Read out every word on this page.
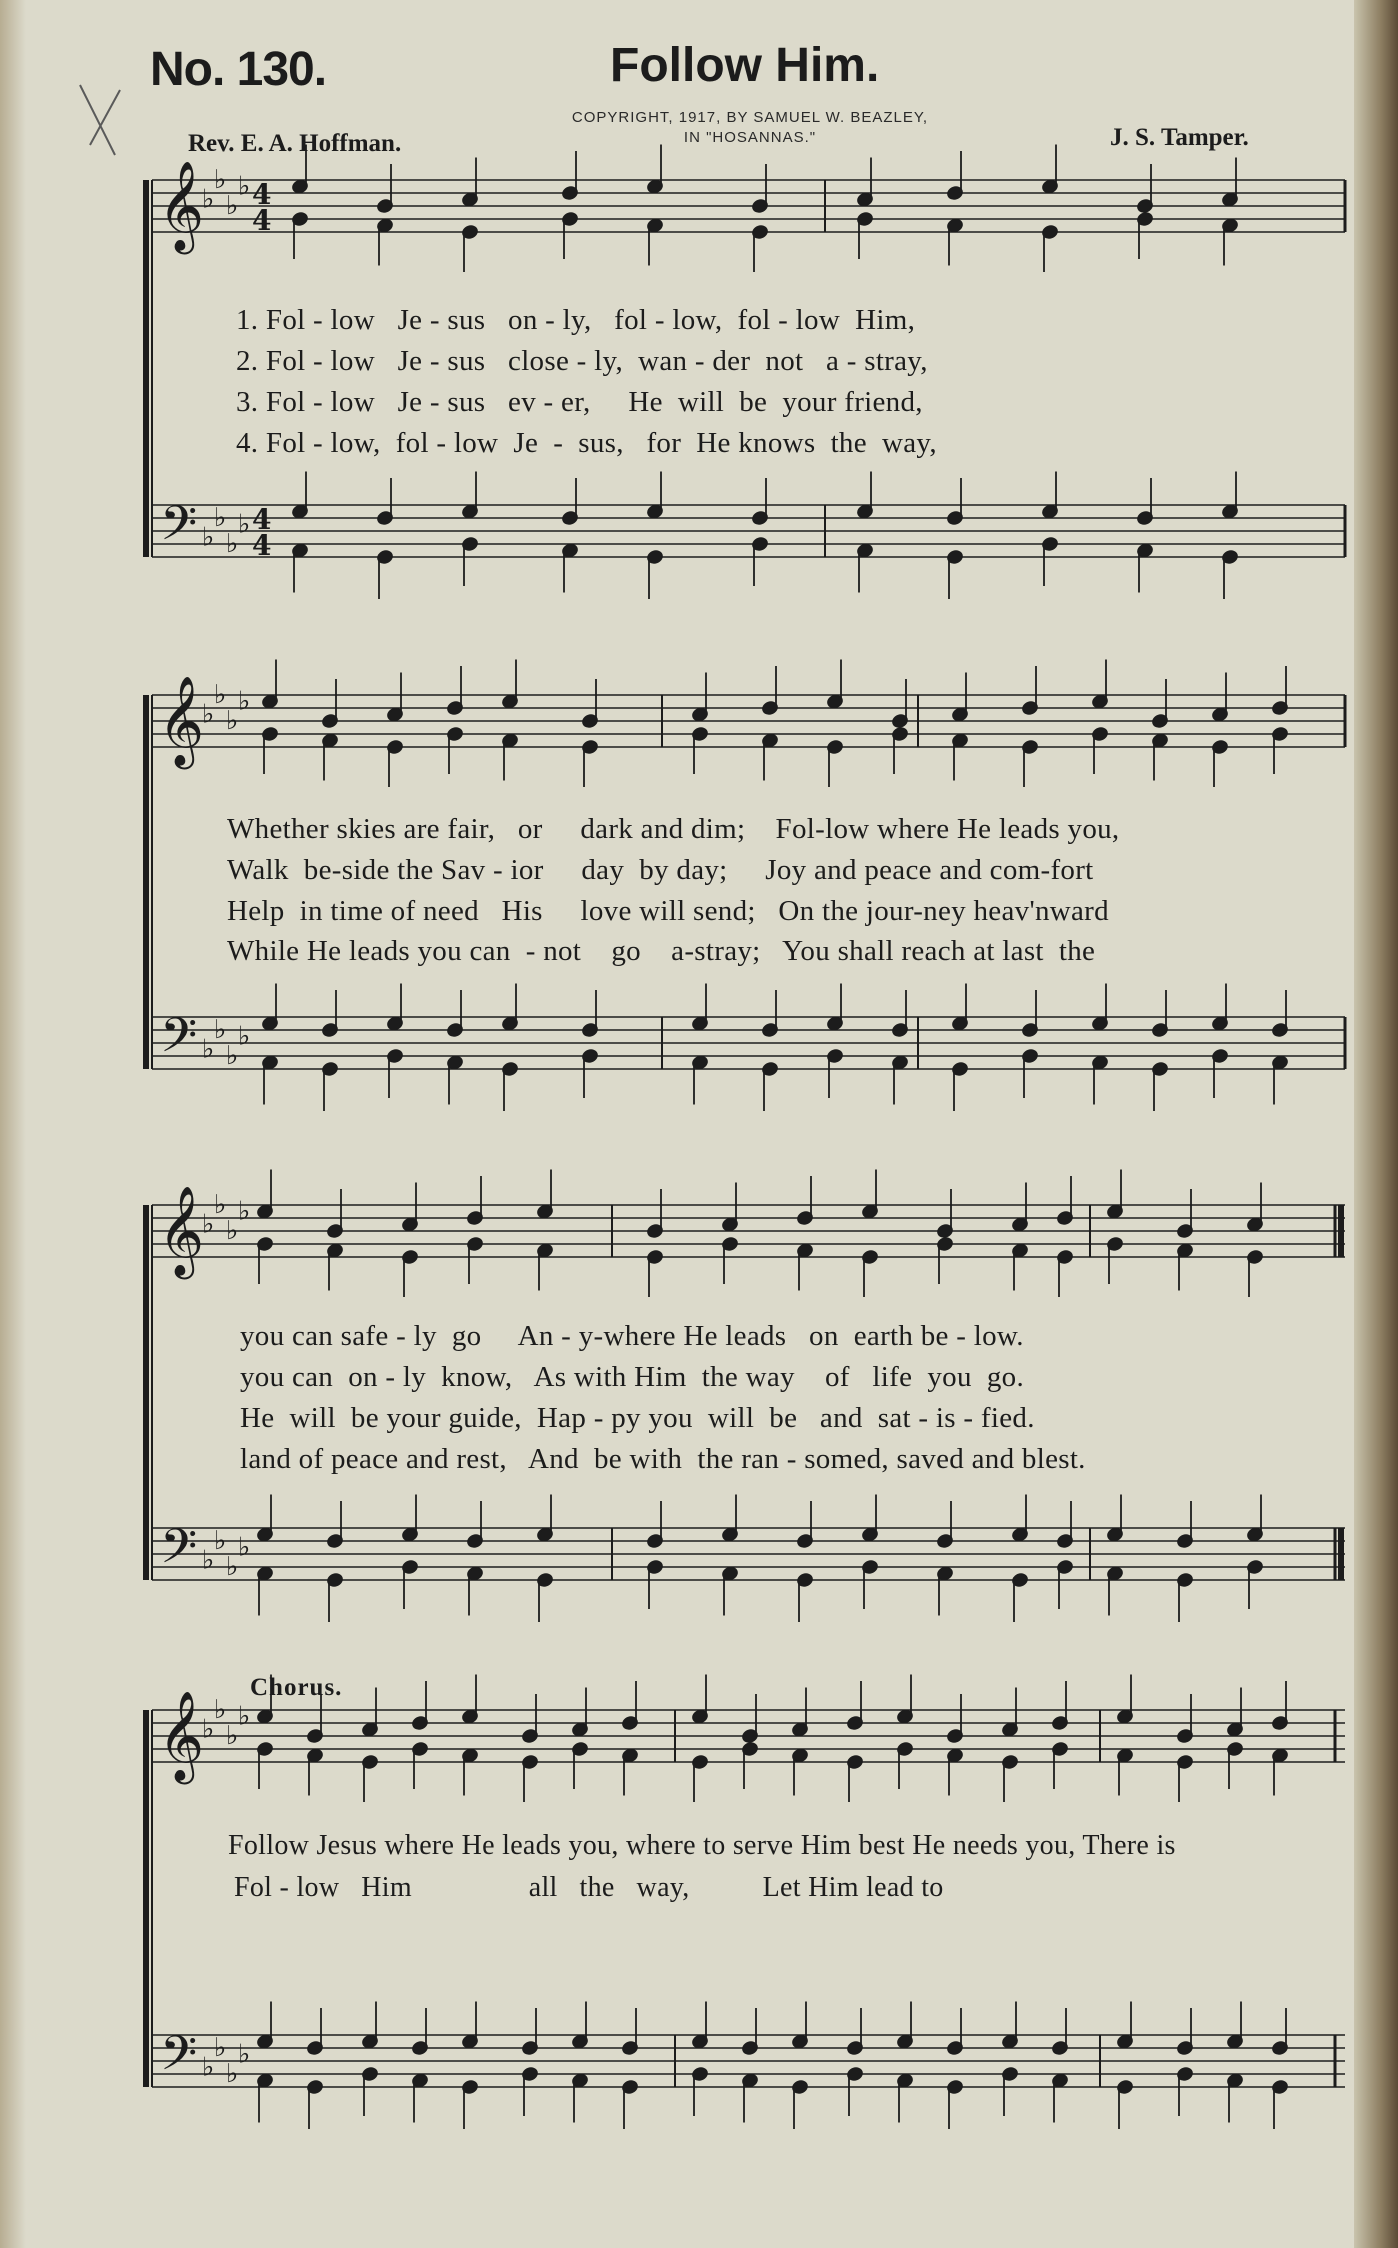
No. 130.	Follow Him.
COPYRIGHT, 1917, BY SAMUEL W. BEAZLEY,
IN "HOSANNAS."
Rev. E. A. Hoffman.	J. S. Tamper.
𝄞
𝄢
♭
♭
♭
♭
♭
♭
♭
♭
4
4
4
4
𝄞
𝄢
♭
♭
♭
♭
♭
♭
♭
♭
𝄞
𝄢
♭
♭
♭
♭
♭
♭
♭
♭
𝄞
𝄢
♭
♭
♭
♭
♭
♭
♭
♭
1. Fol - low   Je - sus   on - ly,   fol - low,  fol - low  Him,
2. Fol - low   Je - sus   close - ly,  wan - der  not   a - stray,
3. Fol - low   Je - sus   ev - er,     He  will  be  your friend,
4. Fol - low,  fol - low  Je  -  sus,   for  He knows  the  way,
Whether skies are fair,   or     dark and dim;    Fol-low where He leads you,
Walk  be-side the Sav - ior     day  by day;     Joy and peace and com-fort
Help  in time of need   His     love will send;   On the jour-ney heav'nward
While He leads you can  - not    go    a-stray;   You shall reach at last  the
you can safe - ly  go     An - y-where He leads   on  earth be - low.
you can  on - ly  know,   As with Him  the way    of   life  you  go.
He  will  be your guide,  Hap - py you  will  be   and  sat - is - fied.
land of peace and rest,   And  be with  the ran - somed, saved and blest.
Chorus.
Follow Jesus where He leads you, where to serve Him best He needs you, There is
Fol - low   Him                all   the   way,          Let Him lead to
